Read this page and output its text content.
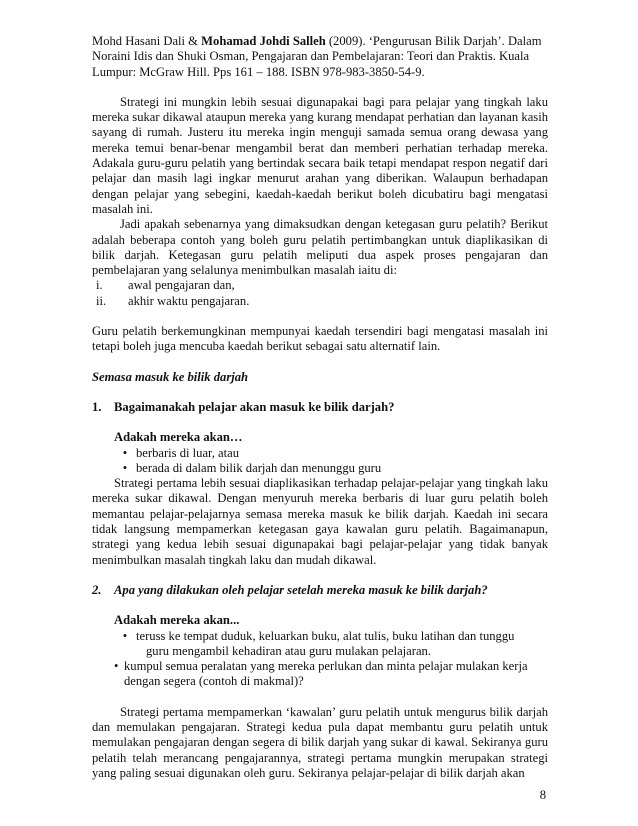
Mohd Hasani Dali & Mohamad Johdi Salleh (2009). ‘Pengurusan Bilik Darjah’. Dalam Noraini Idis dan Shuki Osman, Pengajaran dan Pembelajaran: Teori dan Praktis. Kuala Lumpur: McGraw Hill. Pps 161 – 188. ISBN 978-983-3850-54-9.

Strategi ini mungkin lebih sesuai digunapakai bagi para pelajar yang tingkah laku mereka sukar dikawal ataupun mereka yang kurang mendapat perhatian dan layanan kasih sayang di rumah. Justeru itu mereka ingin menguji samada semua orang dewasa yang mereka temui benar-benar mengambil berat dan memberi perhatian terhadap mereka. Adakala guru-guru pelatih yang bertindak secara baik tetapi mendapat respon negatif dari pelajar dan masih lagi ingkar menurut arahan yang diberikan. Walaupun berhadapan dengan pelajar yang sebegini, kaedah-kaedah berikut boleh dicubatiru bagi mengatasi masalah ini.

Jadi apakah sebenarnya yang dimaksudkan dengan ketegasan guru pelatih? Berikut adalah beberapa contoh yang boleh guru pelatih pertimbangkan untuk diaplikasikan di bilik darjah. Ketegasan guru pelatih meliputi dua aspek proses pengajaran dan pembelajaran yang selalunya menimbulkan masalah iaitu di:

i.	awal pengajaran dan,
ii.	akhir waktu pengajaran.

Guru pelatih berkemungkinan mempunyai kaedah tersendiri bagi mengatasi masalah ini tetapi boleh juga mencuba kaedah berikut sebagai satu alternatif lain.

Semasa masuk ke bilik darjah

1. Bagaimanakah pelajar akan masuk ke bilik darjah?

Adakah mereka akan…

• berbaris di luar, atau
• berada di dalam bilik darjah dan menunggu guru

Strategi pertama lebih sesuai diaplikasikan terhadap pelajar-pelajar yang tingkah laku mereka sukar dikawal. Dengan menyuruh mereka berbaris di luar guru pelatih boleh memantau pelajar-pelajarnya semasa mereka masuk ke bilik darjah. Kaedah ini secara tidak langsung mempamerkan ketegasan gaya kawalan guru pelatih. Bagaimanapun, strategi yang kedua lebih sesuai digunapakai bagi pelajar-pelajar yang tidak banyak menimbulkan masalah tingkah laku dan mudah dikawal.

2. Apa yang dilakukan oleh pelajar setelah mereka masuk ke bilik darjah?

Adakah mereka akan...

• teruss ke tempat duduk, keluarkan buku, alat tulis, buku latihan dan tunggu

guru mengambil kehadiran atau guru mulakan pelajaran.

• kumpul semua peralatan yang mereka perlukan dan minta pelajar mulakan kerja

dengan segera (contoh di makmal)?

Strategi pertama mempamerkan ‘kawalan’ guru pelatih untuk mengurus bilik darjah dan memulakan pengajaran. Strategi kedua pula dapat membantu guru pelatih untuk memulakan pengajaran dengan segera di bilik darjah yang sukar di kawal. Sekiranya guru pelatih telah merancang pengajarannya, strategi pertama mungkin merupakan strategi yang paling sesuai digunakan oleh guru. Sekiranya pelajar-pelajar di bilik darjah akan

8
